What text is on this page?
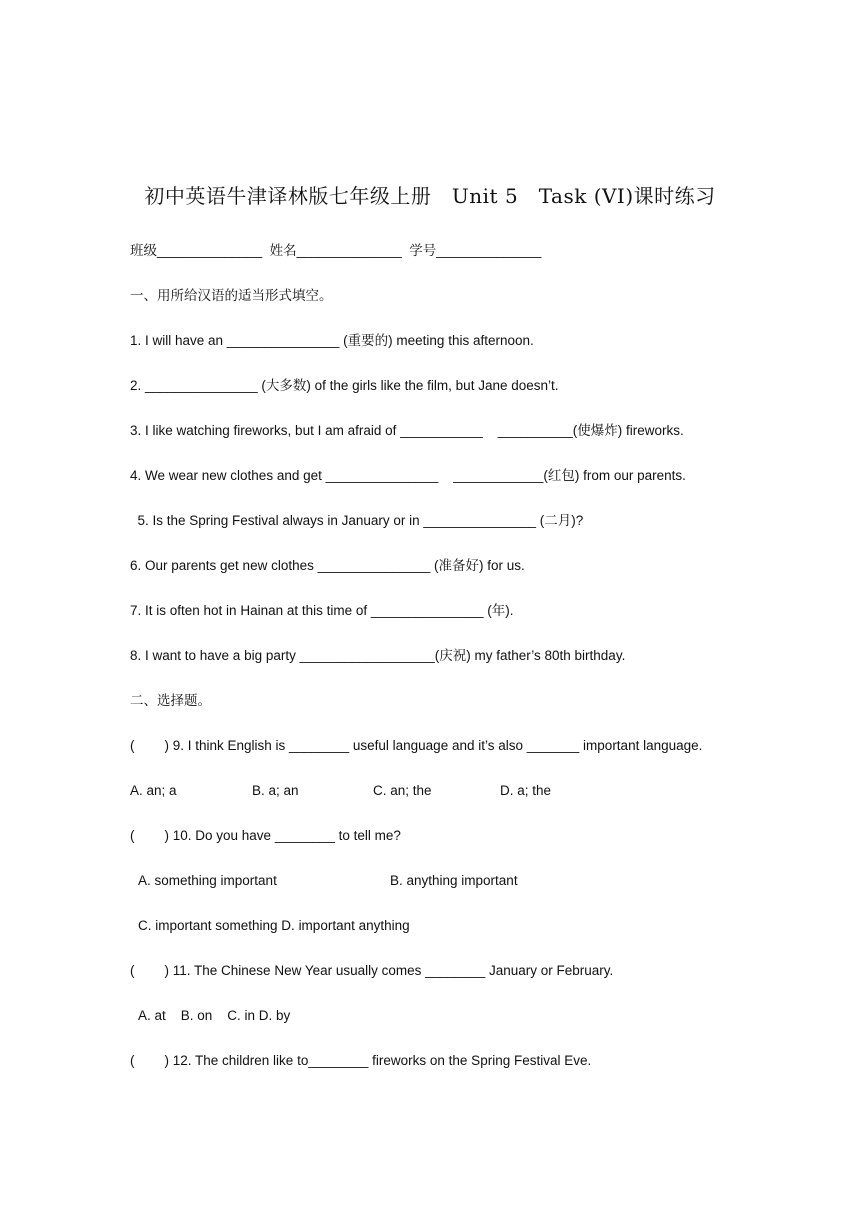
初中英语牛津译林版七年级上册   Unit 5   Task (VI)课时练习
班级______________  姓名______________  学号______________
一、用所给汉语的适当形式填空。
1. I will have an _______________ (重要的) meeting this afternoon.
2. _______________ (大多数) of the girls like the film, but Jane doesn’t.
3. I like watching fireworks, but I am afraid of ___________    __________(使爆炸) fireworks.
4. We wear new clothes and get _______________    ____________(红包) from our parents.
5. Is the Spring Festival always in January or in _______________ (二月)?
6. Our parents get new clothes _______________ (准备好) for us.
7. It is often hot in Hainan at this time of _______________ (年).
8. I want to have a big party __________________(庆祝) my father’s 80th birthday.
二、选择题。
(        ) 9. I think English is ________ useful language and it’s also _______ important language.
A. an; a	B. a; an	C. an; the	D. a; the
(        ) 10. Do you have ________ to tell me?
A. something important	B. anything important
C. important something D. important anything
(        ) 11. The Chinese New Year usually comes ________ January or February.
A. at    B. on    C. in D. by
(        ) 12. The children like to________ fireworks on the Spring Festival Eve.
